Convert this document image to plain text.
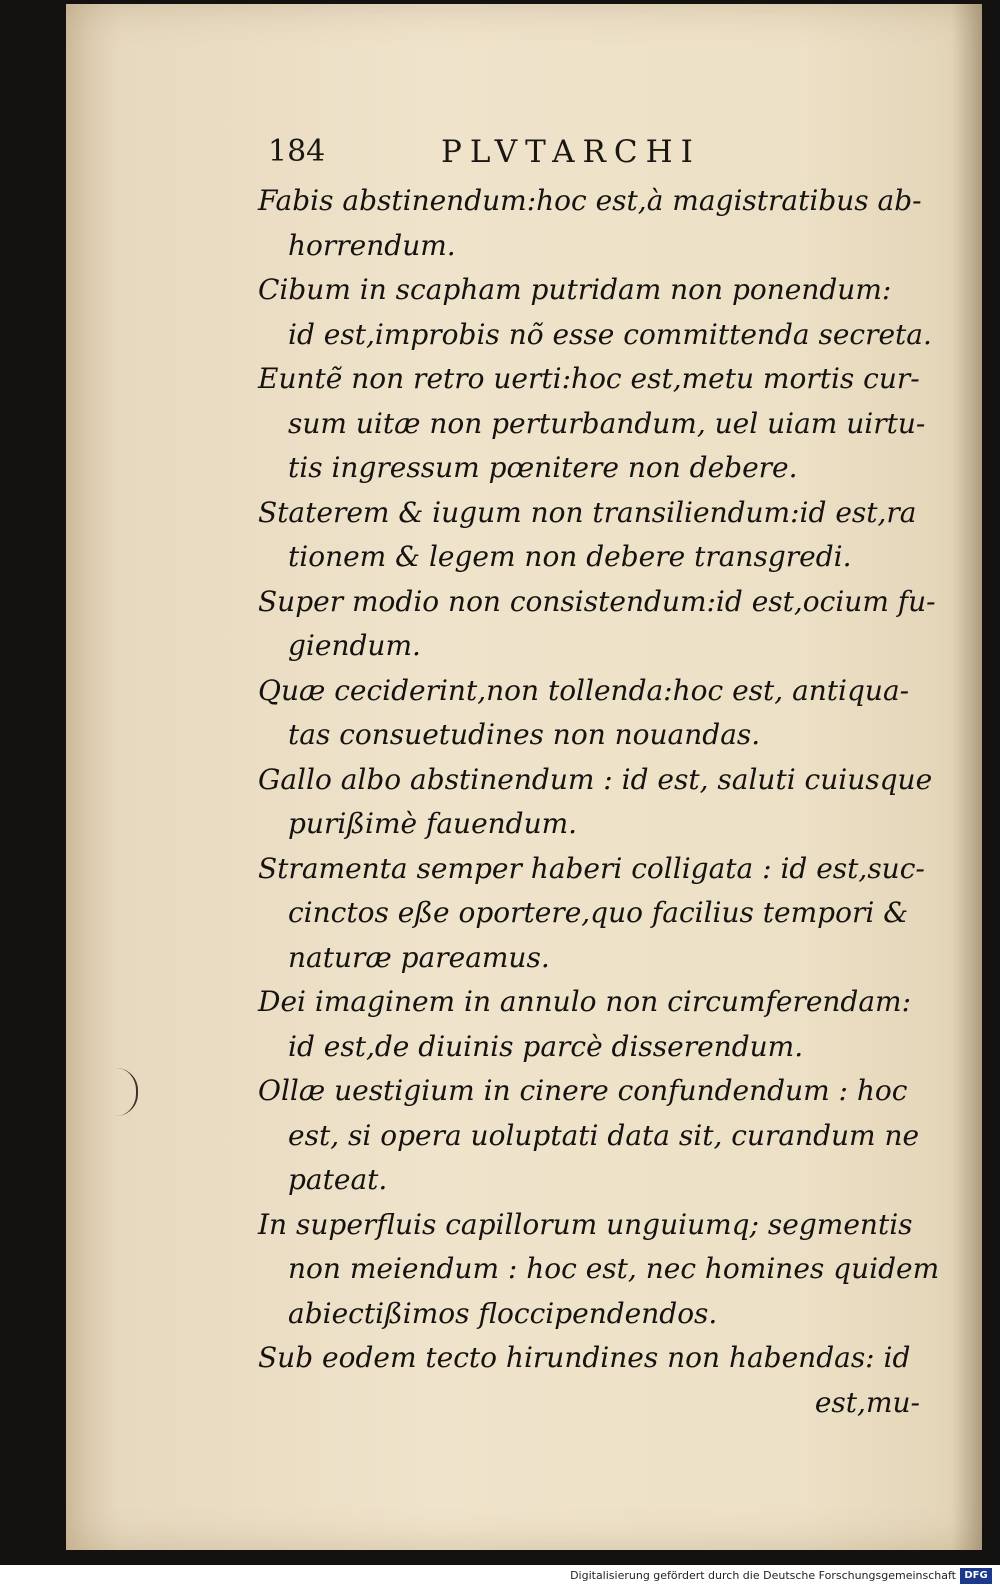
184	PLVTARCHI
Fabis abstinendum:hoc est,à magistratibus ab-
horrendum.
Cibum in scapham putridam non ponendum:
id est,improbis nõ esse committenda secreta.
Euntẽ non retro uerti:hoc est,metu mortis cur-
sum uitæ non perturbandum, uel uiam uirtu-
tis ingressum pœnitere non debere.
Staterem & iugum non transiliendum:id est,ra
tionem & legem non debere transgredi.
Super modio non consistendum:id est,ocium fu-
giendum.
Quæ ceciderint,non tollenda:hoc est, antiqua-
tas consuetudines non nouandas.
Gallo albo abstinendum : id est, saluti cuiusque
purißimè fauendum.
Stramenta semper haberi colligata : id est,suc-
cinctos eße oportere,quo facilius tempori &
naturæ pareamus.
Dei imaginem in annulo non circumferendam:
id est,de diuinis parcè disserendum.
Ollæ uestigium in cinere confundendum : hoc
est, si opera uoluptati data sit, curandum ne
pateat.
In superfluis capillorum unguiumq; segmentis
non meiendum : hoc est, nec homines quidem
abiectißimos floccipendendos.
Sub eodem tecto hirundines non habendas: id
est,mu-
Digitalisierung gefördert durch die Deutsche Forschungsgemeinschaft DFG
